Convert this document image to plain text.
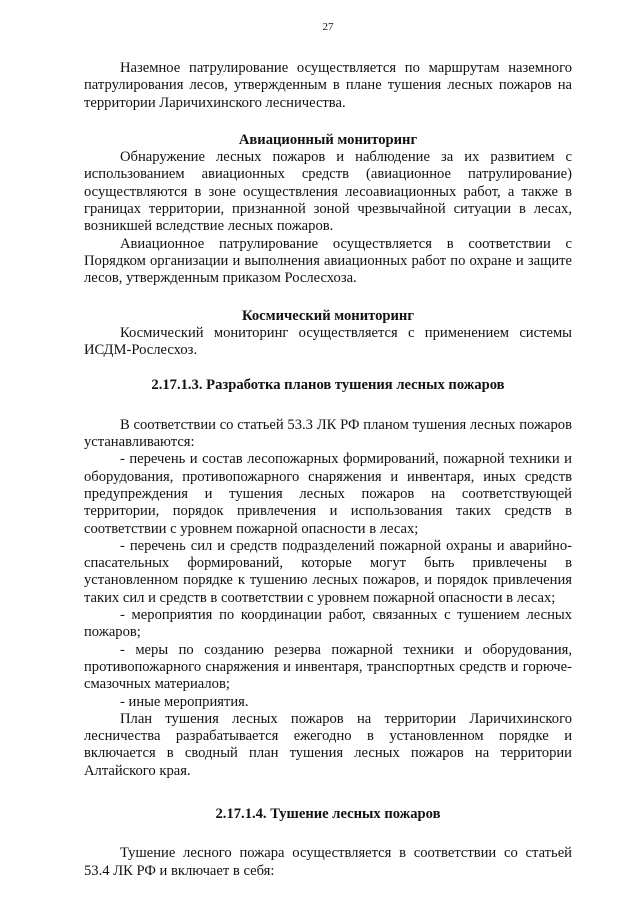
27

Наземное патрулирование осуществляется по маршрутам наземного патрулирования лесов, утвержденным в плане тушения лесных пожаров на территории Ларичихинского лесничества.

Авиационный мониторинг

Обнаружение лесных пожаров и наблюдение за их развитием с использованием авиационных средств (авиационное патрулирование) осуществляются в зоне осуществления лесоавиационных работ, а также в границах территории, признанной зоной чрезвычайной ситуации в лесах, возникшей вследствие лесных пожаров.

Авиационное патрулирование осуществляется в соответствии с Порядком организации и выполнения авиационных работ по охране и защите лесов, утвержденным приказом Рослесхоза.

Космический мониторинг

Космический мониторинг осуществляется с применением системы ИСДМ-Рослесхоз.

2.17.1.3. Разработка планов тушения лесных пожаров

В соответствии со статьей 53.3 ЛК РФ планом тушения лесных пожаров устанавливаются:

- перечень и состав лесопожарных формирований, пожарной техники и оборудования, противопожарного снаряжения и инвентаря, иных средств предупреждения и тушения лесных пожаров на соответствующей территории, порядок привлечения и использования таких средств в соответствии с уровнем пожарной опасности в лесах;

- перечень сил и средств подразделений пожарной охраны и аварийно-спасательных формирований, которые могут быть привлечены в установленном порядке к тушению лесных пожаров, и порядок привлечения таких сил и средств в соответствии с уровнем пожарной опасности в лесах;

- мероприятия по координации работ, связанных с тушением лесных пожаров;

- меры по созданию резерва пожарной техники и оборудования, противопожарного снаряжения и инвентаря, транспортных средств и горюче-смазочных материалов;

- иные мероприятия.

План тушения лесных пожаров на территории Ларичихинского лесничества разрабатывается ежегодно в установленном порядке и включается в сводный план тушения лесных пожаров на территории Алтайского края.

2.17.1.4. Тушение лесных пожаров

Тушение лесного пожара осуществляется в соответствии со статьей 53.4 ЛК РФ и включает в себя:
